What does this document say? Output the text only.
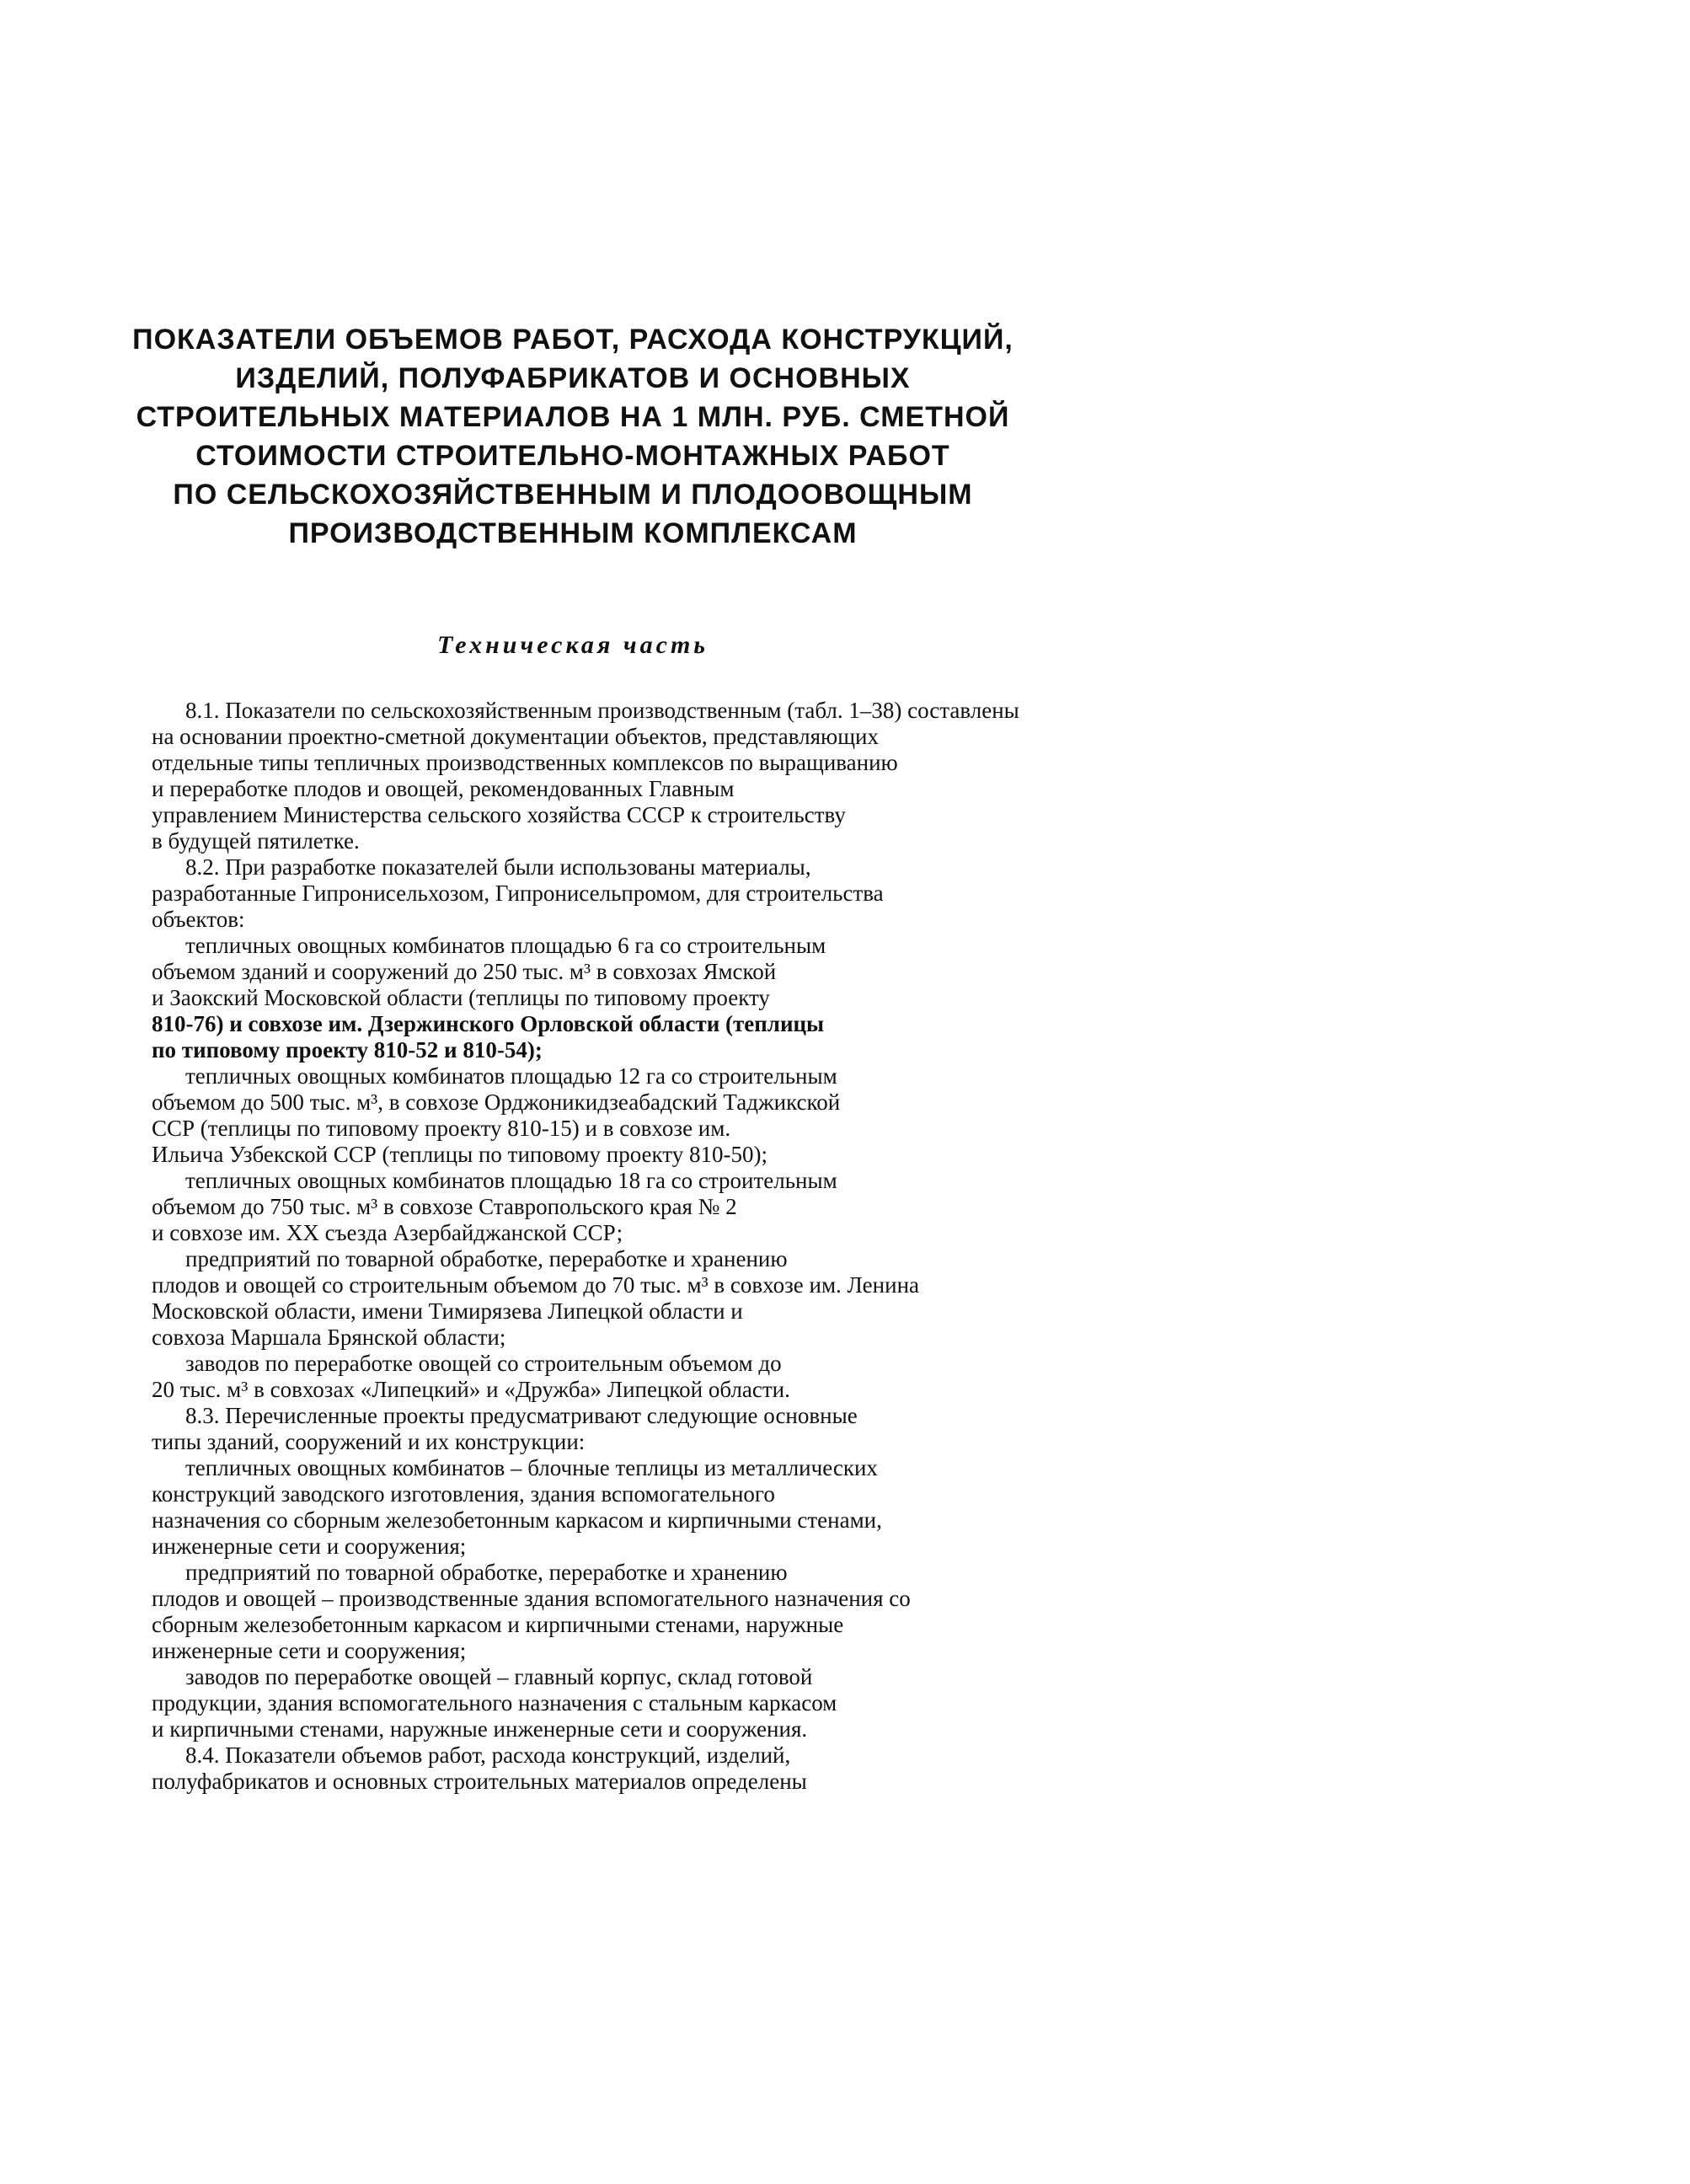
ПОКАЗАТЕЛИ ОБЪЕМОВ РАБОТ, РАСХОДА КОНСТРУКЦИЙ,
ИЗДЕЛИЙ, ПОЛУФАБРИКАТОВ И ОСНОВНЫХ
СТРОИТЕЛЬНЫХ МАТЕРИАЛОВ НА 1 МЛН. РУБ. СМЕТНОЙ
СТОИМОСТИ СТРОИТЕЛЬНО-МОНТАЖНЫХ РАБОТ
ПО СЕЛЬСКОХОЗЯЙСТВЕННЫМ И ПЛОДООВОЩНЫМ
ПРОИЗВОДСТВЕННЫМ КОМПЛЕКСАМ
Техническая часть

8.1. Показатели по сельскохозяйственным производственным (табл. 1–38) составлены

на основании проектно-сметной документации объектов, представляющих

отдельные типы тепличных производственных комплексов по выращиванию

и переработке плодов и овощей, рекомендованных Главным

управлением Министерства сельского хозяйства СССР к строительству

в будущей пятилетке.

8.2. При разработке показателей были использованы материалы,

разработанные Гипронисельхозом, Гипронисельпромом, для строительства

объектов:

тепличных овощных комбинатов площадью 6 га со строительным

объемом зданий и сооружений до 250 тыс. м³ в совхозах Ямской

и Заокский Московской области (теплицы по типовому проекту

810-76) и совхозе им. Дзержинского Орловской области (теплицы

по типовому проекту 810-52 и 810-54);

тепличных овощных комбинатов площадью 12 га со строительным

объемом до 500 тыс. м³, в совхозе Орджоникидзеабадский Таджикской

ССР (теплицы по типовому проекту 810-15) и в совхозе им.

Ильича Узбекской ССР (теплицы по типовому проекту 810-50);

тепличных овощных комбинатов площадью 18 га со строительным

объемом до 750 тыс. м³ в совхозе Ставропольского края № 2

и совхозе им. ХХ съезда Азербайджанской ССР;

предприятий по товарной обработке, переработке и хранению

плодов и овощей со строительным объемом до 70 тыс. м³ в совхозе им. Ленина

Московской области, имени Тимирязева Липецкой области и

совхоза Маршала Брянской области;

заводов по переработке овощей со строительным объемом до

20 тыс. м³ в совхозах «Липецкий» и «Дружба» Липецкой области.

8.3. Перечисленные проекты предусматривают следующие основные

типы зданий, сооружений и их конструкции:

тепличных овощных комбинатов – блочные теплицы из металлических

конструкций заводского изготовления, здания вспомогательного

назначения со сборным железобетонным каркасом и кирпичными стенами,

инженерные сети и сооружения;

предприятий по товарной обработке, переработке и хранению

плодов и овощей – производственные здания вспомогательного назначения со

сборным железобетонным каркасом и кирпичными стенами, наружные

инженерные сети и сооружения;

заводов по переработке овощей – главный корпус, склад готовой

продукции, здания вспомогательного назначения с стальным каркасом

и кирпичными стенами, наружные инженерные сети и сооружения.

8.4. Показатели объемов работ, расхода конструкций, изделий,

полуфабрикатов и основных строительных материалов определены
